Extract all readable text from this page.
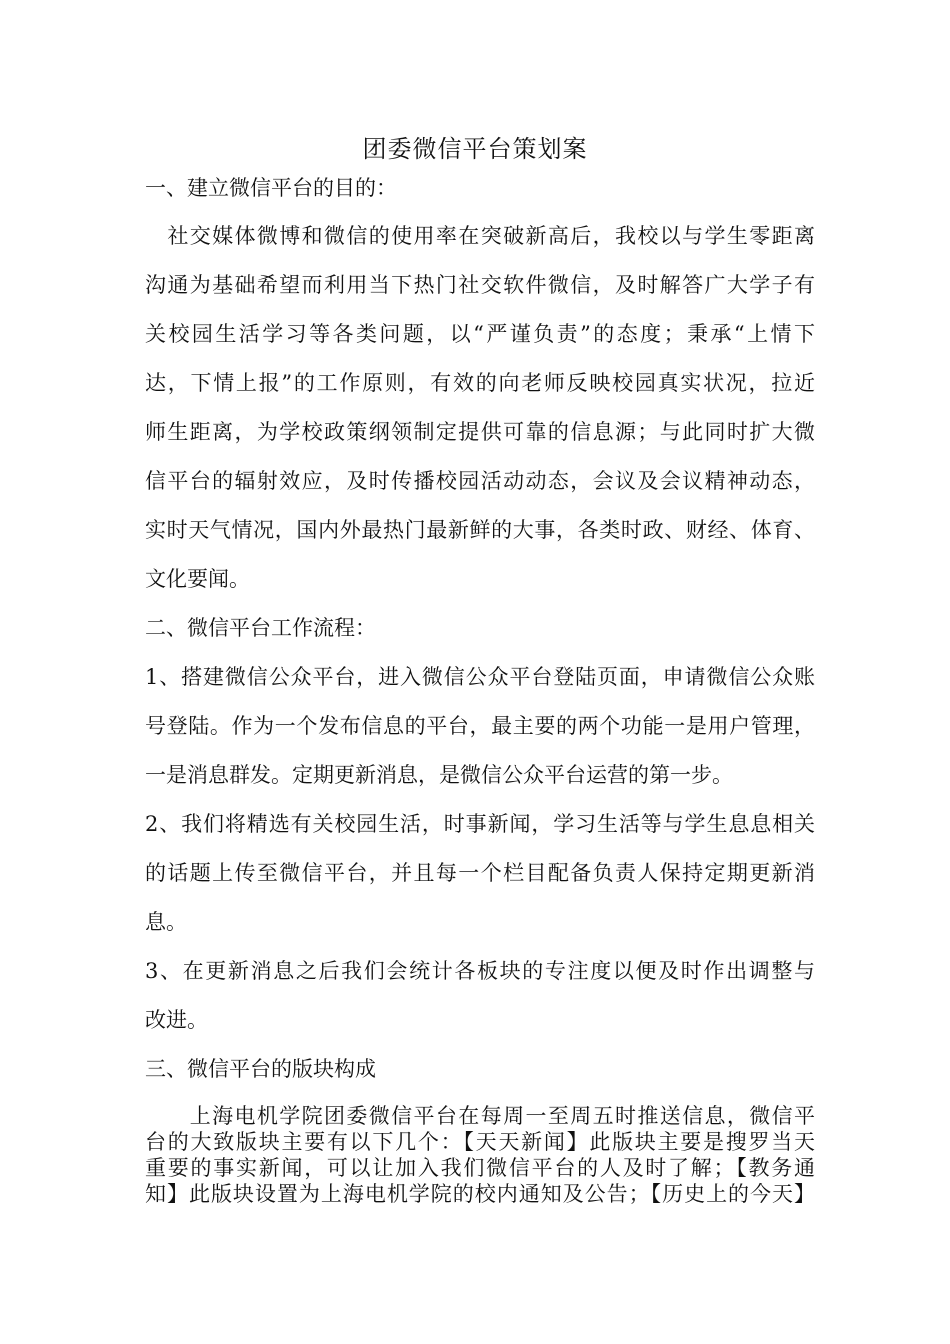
团委微信平台策划案
一、建立微信平台的目的：
　社交媒体微博和微信的使用率在突破新高后，我校以与学生零距离
沟通为基础希望而利用当下热门社交软件微信，及时解答广大学子有
关校园生活学习等各类问题，以“严谨负责”的态度；秉承“上情下
达，下情上报”的工作原则，有效的向老师反映校园真实状况，拉近
师生距离，为学校政策纲领制定提供可靠的信息源；与此同时扩大微
信平台的辐射效应，及时传播校园活动动态，会议及会议精神动态，
实时天气情况，国内外最热门最新鲜的大事，各类时政、财经、体育、
文化要闻。
二、微信平台工作流程：
1、搭建微信公众平台，进入微信公众平台登陆页面，申请微信公众账
号登陆。作为一个发布信息的平台，最主要的两个功能一是用户管理，
一是消息群发。定期更新消息，是微信公众平台运营的第一步。
2、我们将精选有关校园生活，时事新闻，学习生活等与学生息息相关
的话题上传至微信平台，并且每一个栏目配备负责人保持定期更新消
息。
3、在更新消息之后我们会统计各板块的专注度以便及时作出调整与
改进。
三、微信平台的版块构成
　　上海电机学院团委微信平台在每周一至周五时推送信息，微信平
台的大致版块主要有以下几个：【天天新闻】此版块主要是搜罗当天
重要的事实新闻，可以让加入我们微信平台的人及时了解；【教务通
知】此版块设置为上海电机学院的校内通知及公告；【历史上的今天】
